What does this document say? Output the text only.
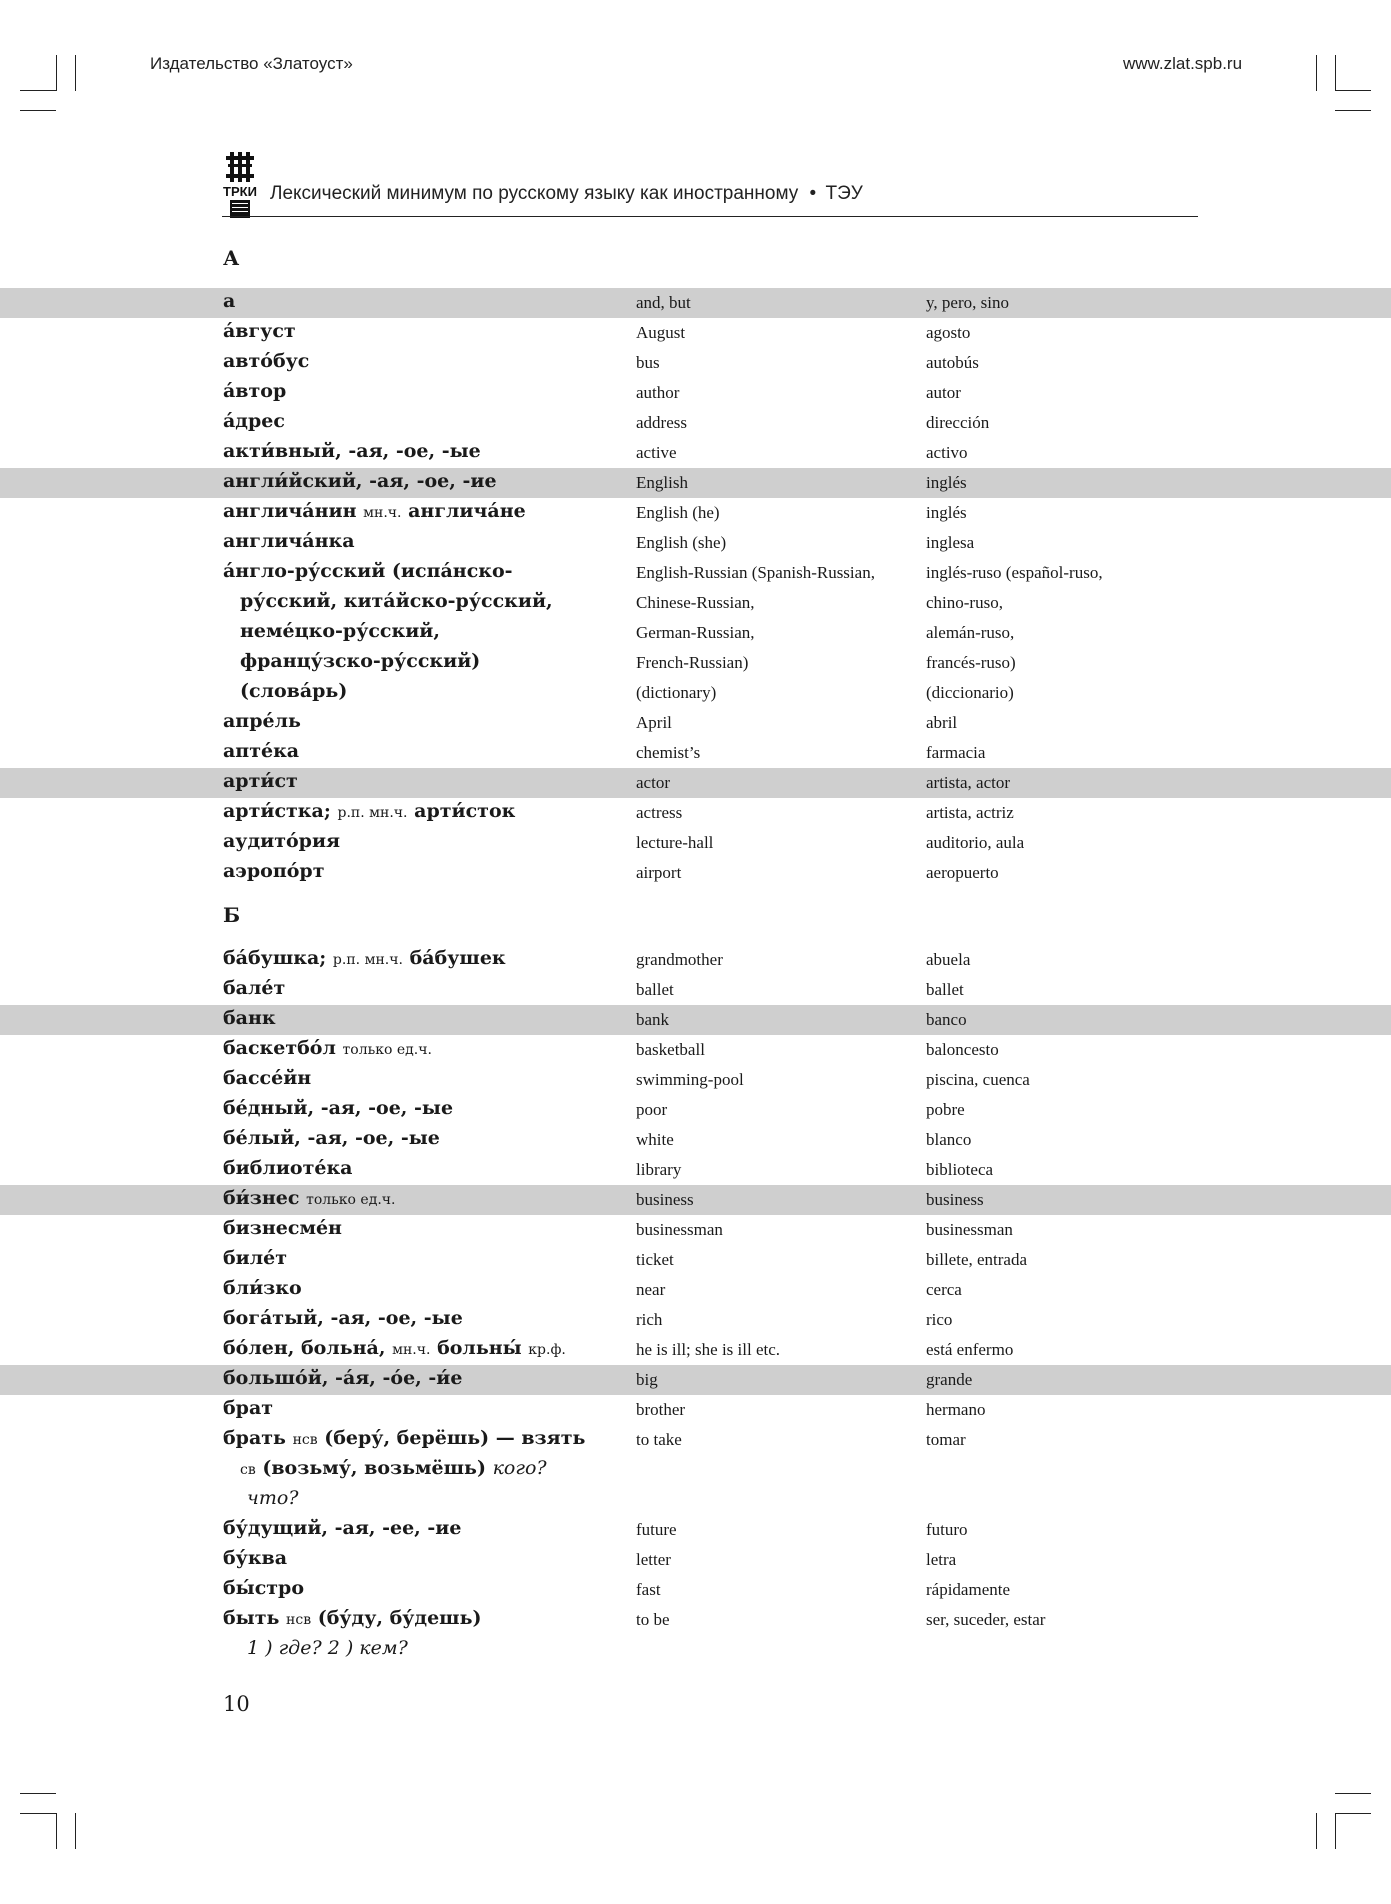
Издательство «Златоуст»	www.zlat.spb.ru
ТРКИ Лексический минимум по русскому языку как иностранному • ТЭУ
А
Б
а	and, but	y, pero, sino
а́вгуст	August	agosto
авто́бус	bus	autobús
а́втор	author	autor
а́дрес	address	dirección
акти́вный, -ая, -ое, -ые	active	activo
англи́йский, -ая, -ое, -ие	English	inglés
англича́нин мн.ч. англича́не	English (he)	inglés
англича́нка	English (she)	inglesa
а́нгло-ру́сский (испа́нско-	English-Russian (Spanish-Russian,	inglés-ruso (español-ruso,
ру́сский, кита́йско-ру́сский,	Chinese-Russian,	chino-ruso,
неме́цко-ру́сский,	German-Russian,	alemán-ruso,
францу́зско-ру́сский)	French-Russian)	francés-ruso)
(слова́рь)	(dictionary)	(diccionario)
апре́ль	April	abril
апте́ка	chemist’s	farmacia
арти́ст	actor	artista, actor
арти́стка; р.п. мн.ч. арти́сток	actress	artista, actriz
аудито́рия	lecture-hall	auditorio, aula
аэропо́рт	airport	aeropuerto
ба́бушка; р.п. мн.ч. ба́бушек	grandmother	abuela
бале́т	ballet	ballet
банк	bank	banco
баскетбо́л только ед.ч.	basketball	baloncesto
бассе́йн	swimming-pool	piscina, cuenca
бе́дный, -ая, -ое, -ые	poor	pobre
бе́лый, -ая, -ое, -ые	white	blanco
библиоте́ка	library	biblioteca
би́знес только ед.ч.	business	business
бизнесме́н	businessman	businessman
биле́т	ticket	billete, entrada
бли́зко	near	cerca
бога́тый, -ая, -ое, -ые	rich	rico
бо́лен, больна́, мн.ч. больны́ кр.ф.	he is ill; she is ill etc.	está enfermo
большо́й, -а́я, -о́е, -и́е	big	grande
брат	brother	hermano
брать нсв (беру́, берёшь) — взять	to take	tomar
св (возьму́, возьмёшь) кого?
что?
бу́дущий, -ая, -ее, -ие	future	futuro
бу́ква	letter	letra
бы́стро	fast	rápidamente
быть нсв (бу́ду, бу́дешь)	to be	ser, suceder, estar
1 ) где? 2 ) кем?
10
